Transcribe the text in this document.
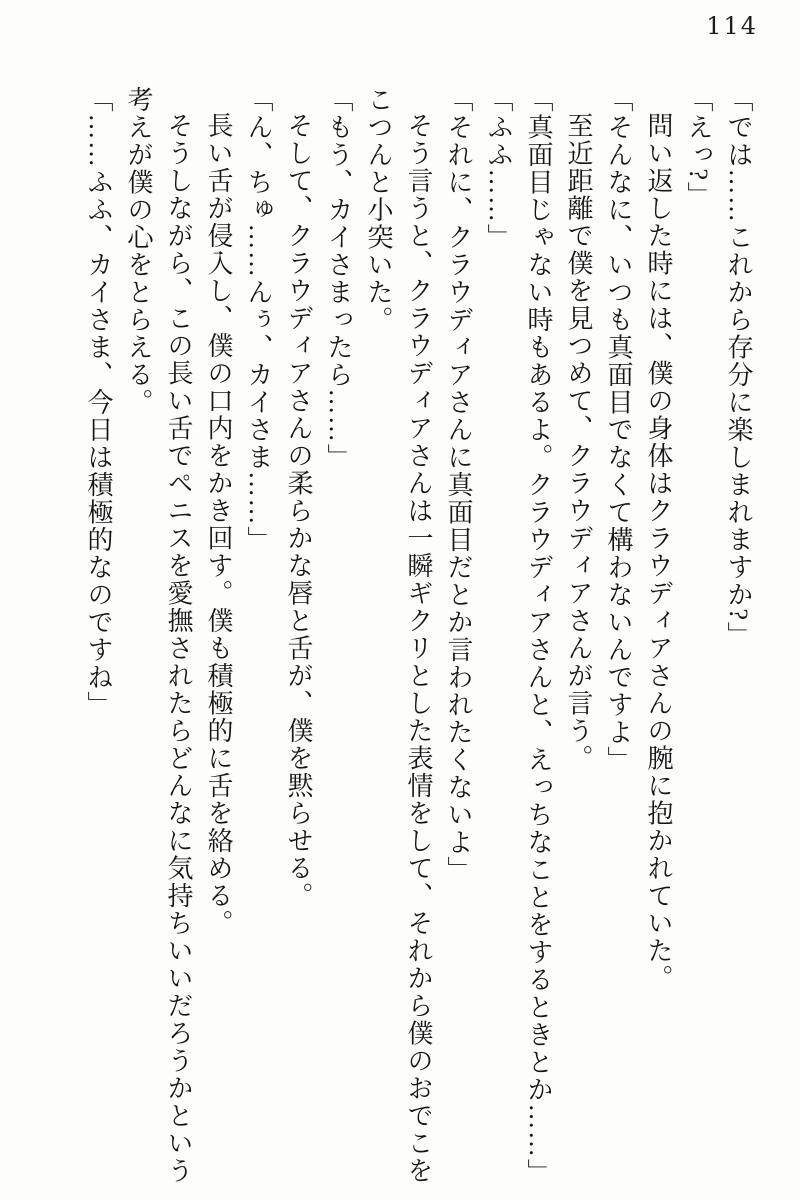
114

「では……これから存分に楽しまれますか?」

「えっ?」

問い返した時には、僕の身体はクラウディアさんの腕に抱かれていた。

「そんなに、いつも真面目でなくて構わないんですよ」

至近距離で僕を見つめて、クラウディアさんが言う。

「真面目じゃない時もあるよ。クラウディアさんと、えっちなことをするときとか……」

「ふふ……」

「それに、クラウディアさんに真面目だとか言われたくないよ」

そう言うと、クラウディアさんは一瞬ギクリとした表情をして、それから僕のおでこをこつんと小突いた。

「もう、カイさまったら……」

そして、クラウディアさんの柔らかな唇と舌が、僕を黙らせる。

「ん、ちゅ……んぅ、カイさま……」

長い舌が侵入し、僕の口内をかき回す。僕も積極的に舌を絡める。

そうしながら、この長い舌でペニスを愛撫されたらどんなに気持ちいいだろうかという考えが僕の心をとらえる。

「……ふふ、カイさま、今日は積極的なのですね」
